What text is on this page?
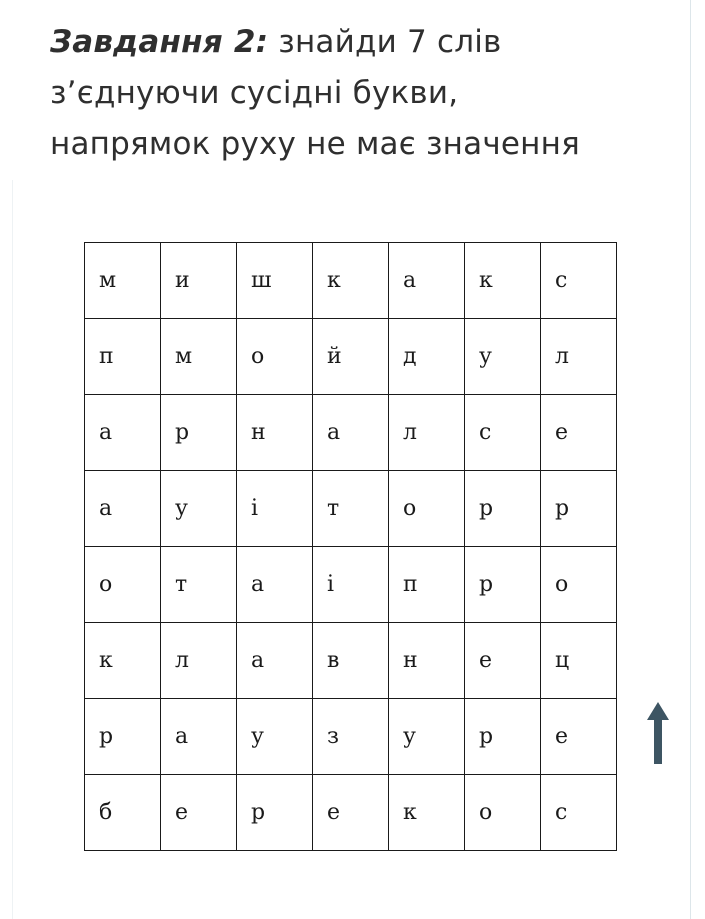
Завдання 2: знайди 7 слів
з’єднуючи сусідні букви,
напрямок руху не має значення
м	и	ш	к	а	к	с
п	м	о	й	д	у	л
а	р	н	а	л	с	е
а	у	і	т	о	р	р
о	т	а	і	п	р	о
к	л	а	в	н	е	ц
р	а	у	з	у	р	е
б	е	р	е	к	о	с
